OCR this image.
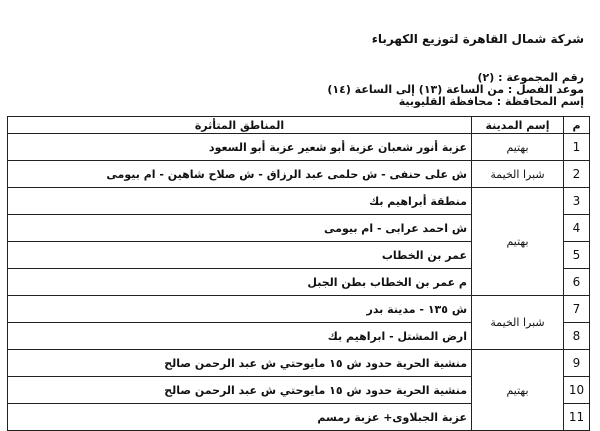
شركة شمال القاهرة لتوزيع الكهرباء
رقم المجموعة : (٢)
موعد الفصل : من الساعة (١٣) إلى الساعة (١٤)
إسم المحافظة : محافظة القليوبية
م	إسم المدينة	المناطق المتأثرة
1	بهتيم	عزبة أنور شعبان عزبة أبو شعير عزبة أبو السعود
2	شبرا الخيمة	ش على حنفى - ش حلمى عبد الرزاق - ش صلاح شاهين - ام بيومى
3	بهتيم	منطقة أبراهيم بك
4		ش احمد عرابى - ام بيومى
5		عمر بن الخطاب
6		م عمر بن الخطاب بطن الجبل
7	شبرا الخيمة	ش ١٣٥ - مدينة بدر
8		ارض المشتل - ابراهيم بك
9	بهتيم	منشية الحرية حدود ش ١٥ مايوحتي ش عبد الرحمن صالح
10		منشية الحرية حدود ش ١٥ مايوحتي ش عبد الرحمن صالح
11		عزبة الجبلاوى+ عزبة رمسم
